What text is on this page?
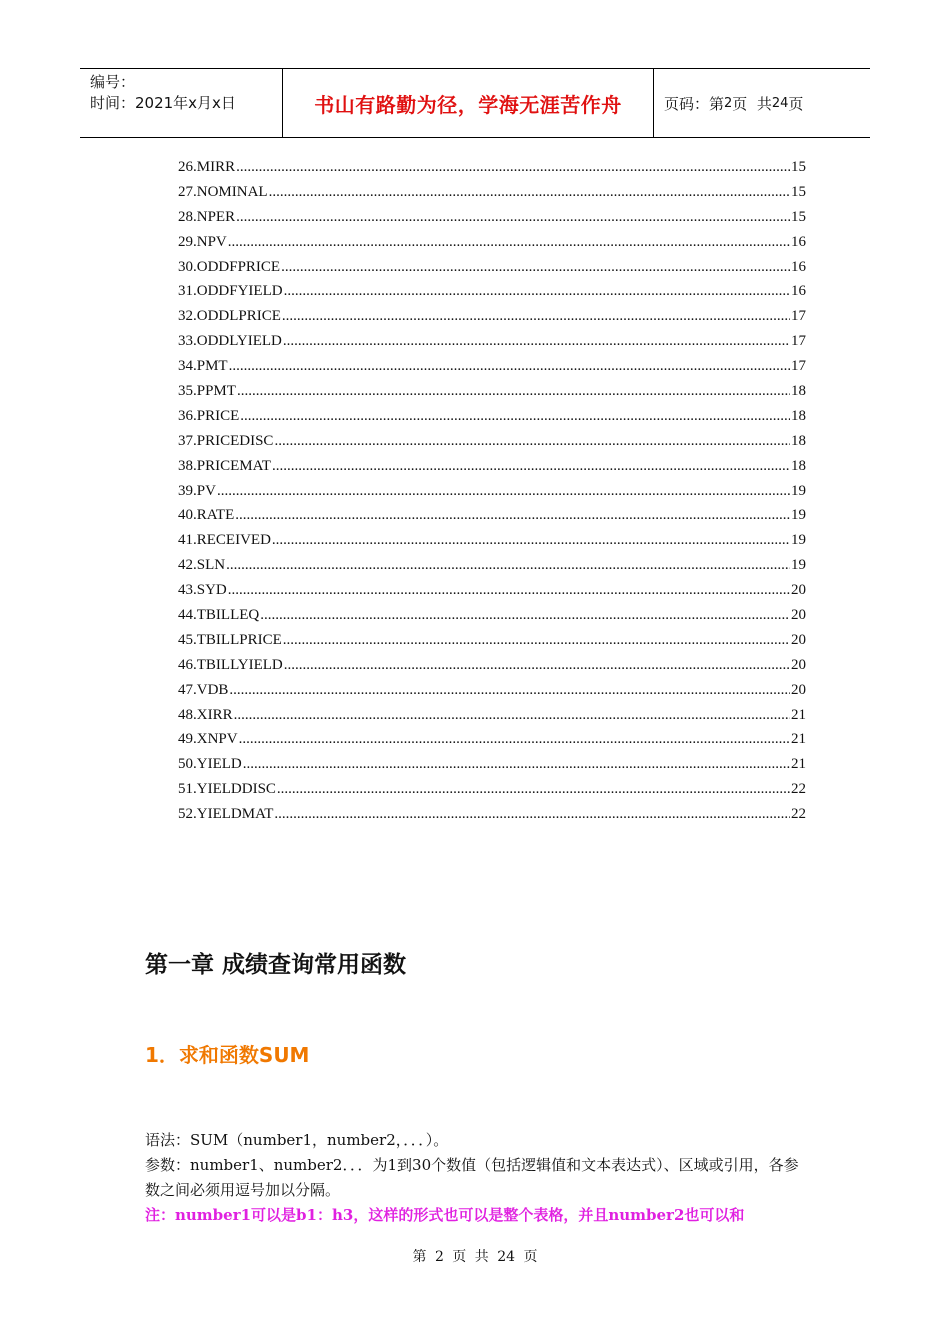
编号：
时间：2021年x月x日	书山有路勤为径，学海无涯苦作舟	页码：第 2 页  共 24 页
26.MIRR .....	15
27.NOMINAL .....	15
28.NPER .....	15
29.NPV .....	16
30.ODDFPRICE .....	16
31.ODDFYIELD .....	16
32.ODDLPRICE .....	17
33.ODDLYIELD .....	17
34.PMT .....	17
35.PPMT .....	18
36.PRICE .....	18
37.PRICEDISC .....	18
38.PRICEMAT .....	18
39.PV .....	19
40.RATE .....	19
41.RECEIVED .....	19
42.SLN .....	19
43.SYD .....	20
44.TBILLEQ .....	20
45.TBILLPRICE .....	20
46.TBILLYIELD .....	20
47.VDB .....	20
48.XIRR .....	21
49.XNPV .....	21
50.YIELD .....	21
51.YIELDDISC .....	22
52.YIELDMAT .....	22
第一章 成绩查询常用函数
1．求和函数SUM
语法：SUM（number1，number2，．．．）。
参数：number1、number2．．．为1到30个数值（包括逻辑值和文本表达式）、区域或引用，各参数之间必须用逗号加以分隔。
注：number1可以是b1：h3，这样的形式也可以是整个表格，并且number2也可以和
第 2 页 共 24 页
